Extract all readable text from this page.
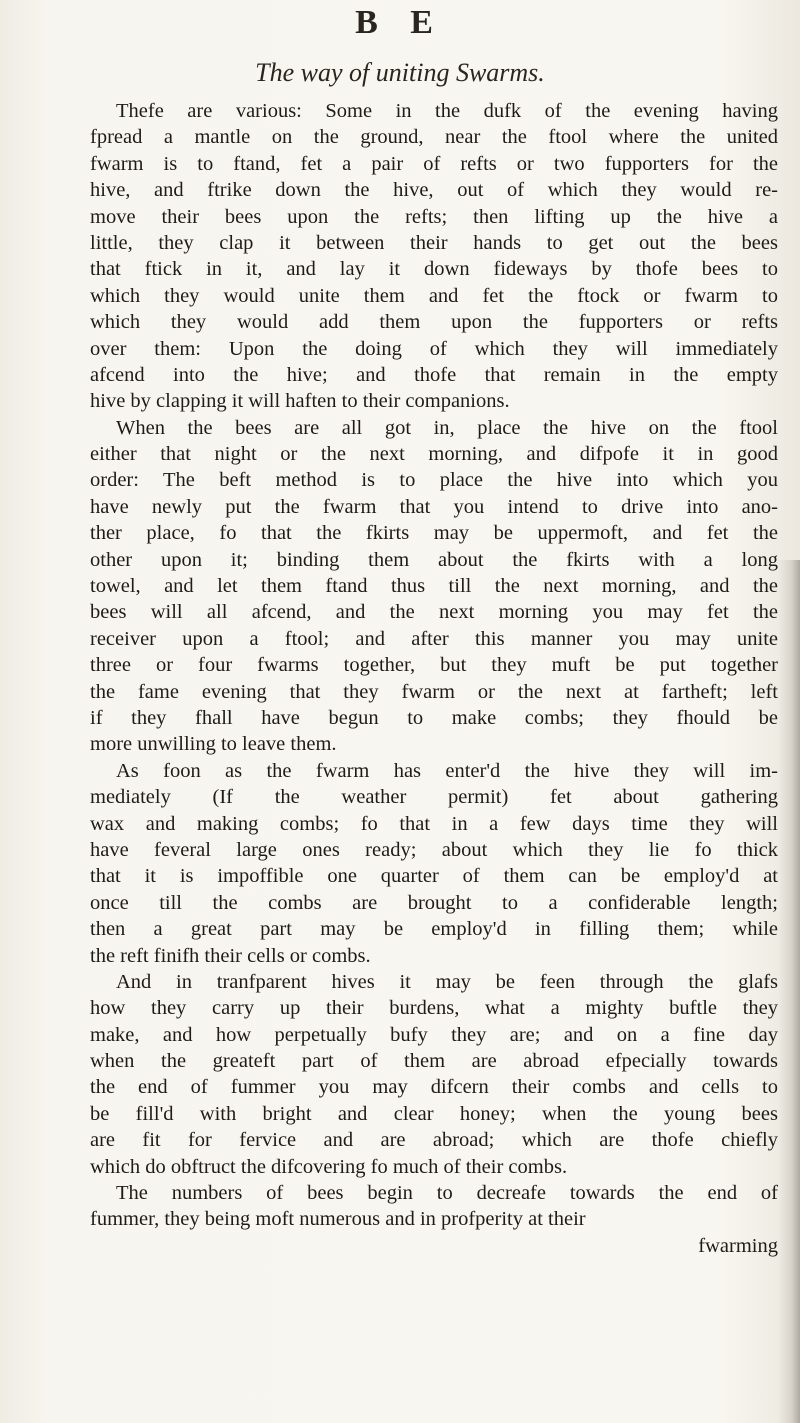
B E
The way of uniting Swarms.
Thefe are various: Some in the dufk of the evening having
fpread a mantle on the ground, near the ftool where the united
fwarm is to ftand, fet a pair of refts or two fupporters for the
hive, and ftrike down the hive, out of which they would re-
move their bees upon the refts; then lifting up the hive a
little, they clap it between their hands to get out the bees
that ftick in it, and lay it down fideways by thofe bees to
which they would unite them and fet the ftock or fwarm to
which they would add them upon the fupporters or refts
over them: Upon the doing of which they will immediately
afcend into the hive; and thofe that remain in the empty
hive by clapping it will haften to their companions.
When the bees are all got in, place the hive on the ftool
either that night or the next morning, and difpofe it in good
order: The beft method is to place the hive into which you
have newly put the fwarm that you intend to drive into ano-
ther place, fo that the fkirts may be uppermoft, and fet the
other upon it; binding them about the fkirts with a long
towel, and let them ftand thus till the next morning, and the
bees will all afcend, and the next morning you may fet the
receiver upon a ftool; and after this manner you may unite
three or four fwarms together, but they muft be put together
the fame evening that they fwarm or the next at fartheft; left
if they fhall have begun to make combs; they fhould be
more unwilling to leave them.
As foon as the fwarm has enter'd the hive they will im-
mediately (If the weather permit) fet about gathering
wax and making combs; fo that in a few days time they will
have feveral large ones ready; about which they lie fo thick
that it is impoffible one quarter of them can be employ'd at
once till the combs are brought to a confiderable length;
then a great part may be employ'd in filling them; while
the reft finifh their cells or combs.
And in tranfparent hives it may be feen through the glafs
how they carry up their burdens, what a mighty buftle they
make, and how perpetually bufy they are; and on a fine day
when the greateft part of them are abroad efpecially towards
the end of fummer you may difcern their combs and cells to
be fill'd with bright and clear honey; when the young bees
are fit for fervice and are abroad; which are thofe chiefly
which do obftruct the difcovering fo much of their combs.
The numbers of bees begin to decreafe towards the end of
fummer, they being moft numerous and in profperity at their
fwarming
